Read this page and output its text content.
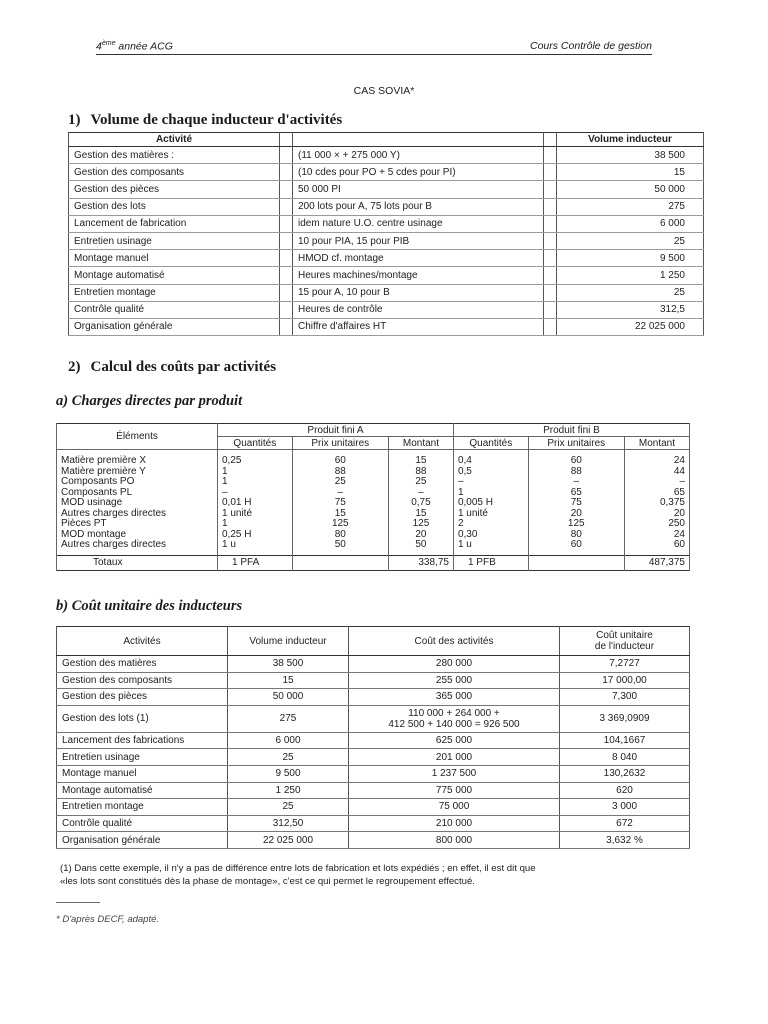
4ème année ACG	Cours Contrôle de gestion
CAS SOVIA*
1) Volume de chaque inducteur d'activités
Activité				Volume inducteur
Gestion des matières :		(11 000 × + 275 000 Y)		38 500
Gestion des composants		(10 cdes pour PO + 5 cdes pour PI)		15
Gestion des pièces		50 000 PI		50 000
Gestion des lots		200 lots pour A, 75 lots pour B		275
Lancement de fabrication		idem nature U.O. centre usinage		6 000
Entretien usinage		10 pour PIA, 15 pour PIB		25
Montage manuel		HMOD cf. montage		9 500
Montage automatisé		Heures machines/montage		1 250
Entretien montage		15 pour A, 10 pour B		25
Contrôle qualité		Heures de contrôle		312,5
Organisation générale		Chiffre d'affaires HT		22 025 000
2) Calcul des coûts par activités
a) Charges directes par produit
Éléments	Produit fini A			Produit fini B		
	Quantités	Prix unitaires	Montant	Quantités	Prix unitaires	Montant
Matière première X	0,25	60	15	0,4	60	24
Matière première Y	1	88	88	0,5	88	44
Composants PO	1	25	25	–	–	–
Composants PL	–	–	–	1	65	65
MOD usinage	0,01 H	75	0,75	0,005 H	75	0,375
Autres charges directes	1 unité	15	15	1 unité	20	20
Pièces PT	1	125	125	2	125	250
MOD montage	0,25 H	80	20	0,30	80	24
Autres charges directes	1 u	50	50	1 u	60	60
Totaux	1 PFA		338,75	1 PFB		487,375
b) Coût unitaire des inducteurs
Activités	Volume inducteur	Coût des activités	Coût unitaire
de l'inducteur
Gestion des matières	38 500	280 000	7,2727
Gestion des composants	15	255 000	17 000,00
Gestion des pièces	50 000	365 000	7,300
Gestion des lots (1)	275	110 000 + 264 000 +
412 500 + 140 000 = 926 500	3 369,0909
Lancement des fabrications	6 000	625 000	104,1667
Entretien usinage	25	201 000	8 040
Montage manuel	9 500	1 237 500	130,2632
Montage automatisé	1 250	775 000	620
Entretien montage	25	75 000	3 000
Contrôle qualité	312,50	210 000	672
Organisation générale	22 025 000	800 000	3,632 %
(1) Dans cette exemple, il n'y a pas de différence entre lots de fabrication et lots expédiés ; en effet, il est dit que
«les lots sont constitués dès la phase de montage», c'est ce qui permet le regroupement effectué.
* D'après DECF, adapté.
